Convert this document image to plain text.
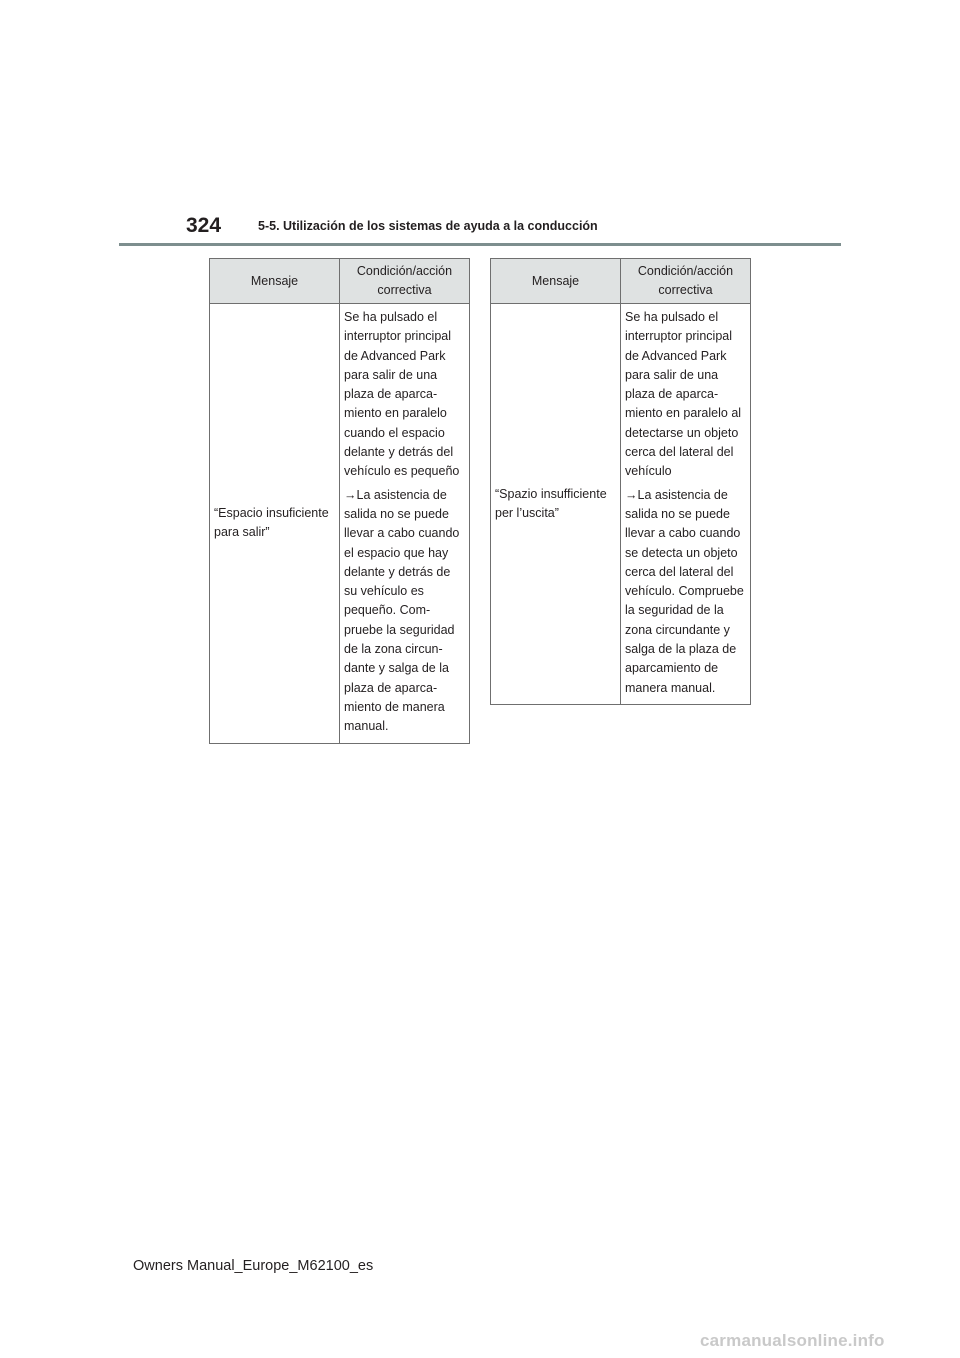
324	5-5. Utilización de los sistemas de ayuda a la conducción
Mensaje	Condición/acción correctiva
“Espacio insuficiente para salir”	Se ha pulsado el interruptor principal de Advanced Park para salir de una plaza de aparca-miento en paralelo cuando el espacio delante y detrás del vehículo es pequeño
→La asistencia de salida no se puede llevar a cabo cuando el espacio que hay delante y detrás de su vehículo es pequeño. Com-pruebe la seguridad de la zona circun-dante y salga de la plaza de aparca-miento de manera manual.
Mensaje	Condición/acción correctiva
“Spazio insufficiente per l’uscita”	Se ha pulsado el interruptor principal de Advanced Park para salir de una plaza de aparca-miento en paralelo al detectarse un objeto cerca del lateral del vehículo
→La asistencia de salida no se puede llevar a cabo cuando se detecta un objeto cerca del lateral del vehículo. Compruebe la seguridad de la zona circundante y salga de la plaza de aparcamiento de manera manual.
Owners Manual_Europe_M62100_es
carmanualsonline.info
